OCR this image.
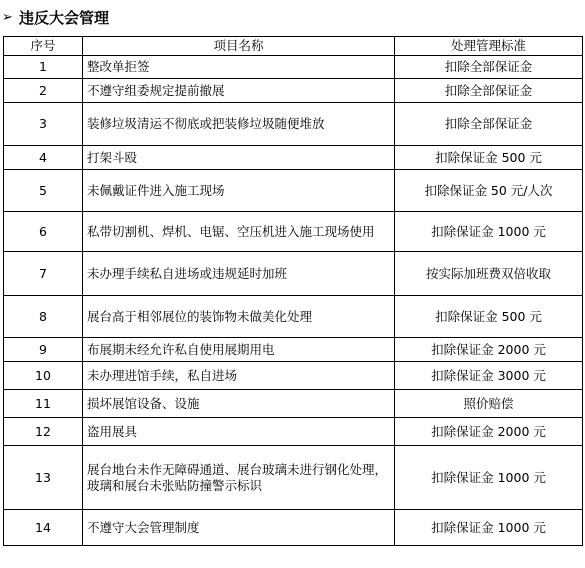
➢ 违反大会管理
序号	项目名称	处理管理标准
1	整改单拒签	扣除全部保证金
2	不遵守组委规定提前撤展	扣除全部保证金
3	装修垃圾清运不彻底或把装修垃圾随便堆放	扣除全部保证金
4	打架斗殴	扣除保证金 500 元
5	未佩戴证件进入施工现场	扣除保证金 50 元/人次
6	私带切割机、焊机、电锯、空压机进入施工现场使用	扣除保证金 1000 元
7	未办理手续私自进场或违规延时加班	按实际加班费双倍收取
8	展台高于相邻展位的装饰物未做美化处理	扣除保证金 500 元
9	布展期未经允许私自使用展期用电	扣除保证金 2000 元
10	未办理进馆手续，私自进场	扣除保证金 3000 元
11	损坏展馆设备、设施	照价赔偿
12	盗用展具	扣除保证金 2000 元
13	展台地台未作无障碍通道、展台玻璃未进行钢化处理，玻璃和展台未张贴防撞警示标识	扣除保证金 1000 元
14	不遵守大会管理制度	扣除保证金 1000 元
